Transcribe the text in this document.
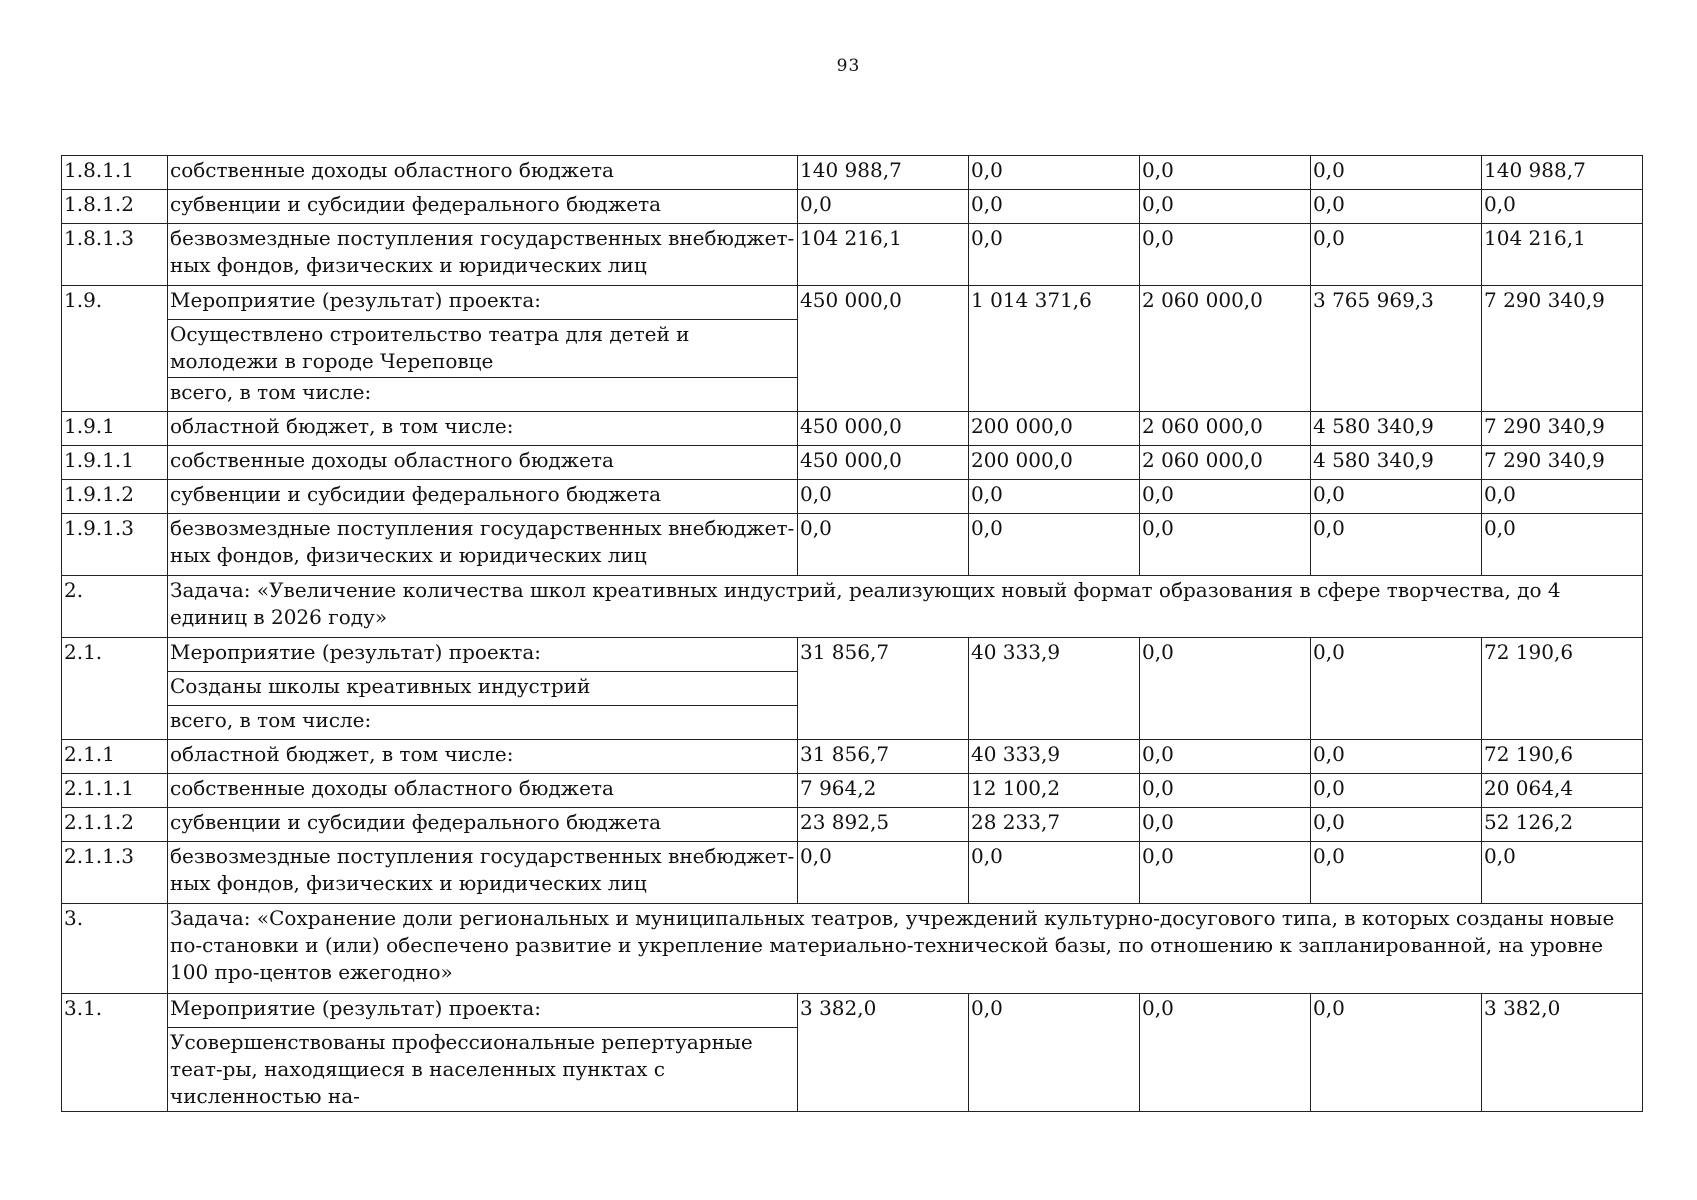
93
1.8.1.1	собственные доходы областного бюджета	140 988,7	0,0	0,0	0,0	140 988,7
1.8.1.2	субвенции и субсидии федерального бюджета	0,0	0,0	0,0	0,0	0,0
1.8.1.3	безвозмездные поступления государственных внебюджет-ных фондов, физических и юридических лиц	104 216,1	0,0	0,0	0,0	104 216,1
1.9.	Мероприятие (результат) проекта:	450 000,0	1 014 371,6	2 060 000,0	3 765 969,3	7 290 340,9
	Осуществлено строительство театра для детей и молодежи в городе Череповце					
	всего, в том числе:					
1.9.1	областной бюджет, в том числе:	450 000,0	200 000,0	2 060 000,0	4 580 340,9	7 290 340,9
1.9.1.1	собственные доходы областного бюджета	450 000,0	200 000,0	2 060 000,0	4 580 340,9	7 290 340,9
1.9.1.2	субвенции и субсидии федерального бюджета	0,0	0,0	0,0	0,0	0,0
1.9.1.3	безвозмездные поступления государственных внебюджет-ных фондов, физических и юридических лиц	0,0	0,0	0,0	0,0	0,0
2.	Задача: «Увеличение количества школ креативных индустрий, реализующих новый формат образования в сфере творчества, до 4 единиц в 2026 году»					
2.1.	Мероприятие (результат) проекта:	31 856,7	40 333,9	0,0	0,0	72 190,6
	Созданы школы креативных индустрий					
	всего, в том числе:					
2.1.1	областной бюджет, в том числе:	31 856,7	40 333,9	0,0	0,0	72 190,6
2.1.1.1	собственные доходы областного бюджета	7 964,2	12 100,2	0,0	0,0	20 064,4
2.1.1.2	субвенции и субсидии федерального бюджета	23 892,5	28 233,7	0,0	0,0	52 126,2
2.1.1.3	безвозмездные поступления государственных внебюджет-ных фондов, физических и юридических лиц	0,0	0,0	0,0	0,0	0,0
3.	Задача: «Сохранение доли региональных и муниципальных театров, учреждений культурно-досугового типа, в которых созданы новые по-становки и (или) обеспечено развитие и укрепление материально-технической базы, по отношению к запланированной, на уровне 100 про-центов ежегодно»					
3.1.	Мероприятие (результат) проекта:	3 382,0	0,0	0,0	0,0	3 382,0
	Усовершенствованы профессиональные репертуарные теат-ры, находящиеся в населенных пунктах с численностью на-					
